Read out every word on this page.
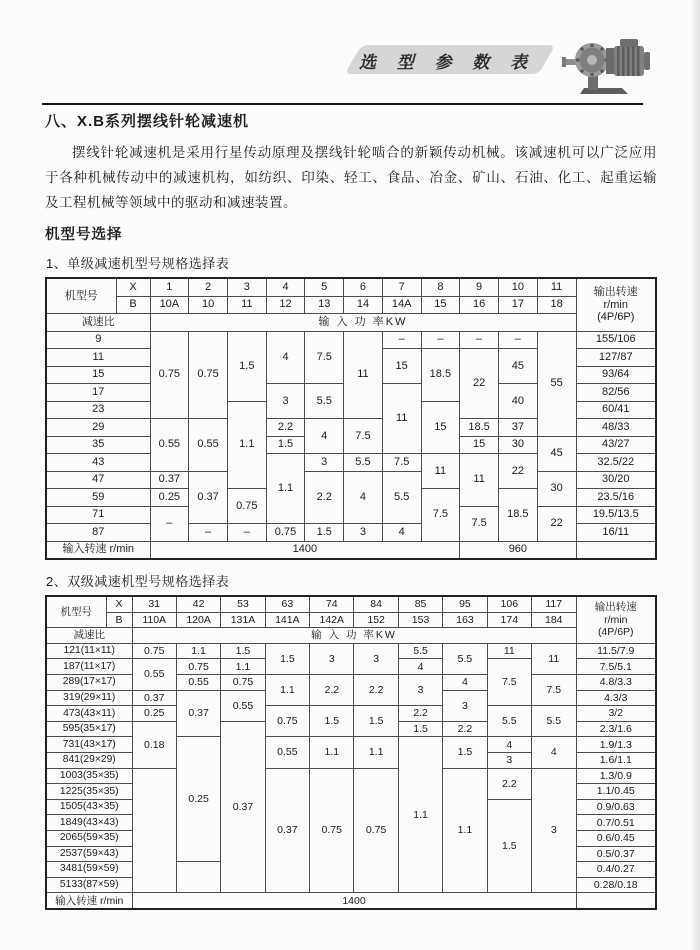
选 型 参 数 表
八、X.B系列摆线针轮减速机

摆线针轮减速机是采用行星传动原理及摆线针轮啮合的新颖传动机械。该减速机可以广泛应用于各种机械传动中的减速机构，如纺织、印染、轻工、食品、冶金、矿山、石油、化工、起重运输及工程机械等领域中的驱动和减速装置。

机型号选择
1、单级减速机型号规格选择表
机型号	X	1	2	3	4	5	6	7	8	9	10	11	输出转速
r/min
(4P/6P)

	B	10A	10	11	12	13	14	14A	15	16	17	18	
减速比		输 入 功 率KW											
9		0.75	0.75	1.5	4	7.5	11	–	–	–	–	55	155/106
11								15	18.5	22	45		127/87
15													93/64
17					3	5.5		11			40		82/56
23				1.1					15				60/41
29		0.55	0.55		2.2	4	7.5			18.5	37		48/33
35					1.5					15	30	45	43/27
43					1.1	3	5.5	7.5	11	11	22		32.5/22
47		0.37	0.37			2.2	4	5.5				30	30/20
59		0.25		0.75					7.5		18.5		23.5/16
71		–								7.5		22	19.5/13.5
87			–	–	0.75	1.5	3	4					16/11
输入转速 r/min		1400								960			
2、双级减速机型号规格选择表
机型号	X	31	42	53	63	74	84	85	95	106	117	输出转速
r/min
(4P/6P)

	B	110A	120A	131A	141A	142A	152	153	163	174	184	
减速比		输 入 功 率KW										
121(11×11)		0.75	1.1	1.5	1.5	3	3	5.5	5.5	11	11	11.5/7.9
187(11×17)		0.55	0.75	1.1				4		7.5		7.5/5.1
289(17×17)			0.55	0.75	1.1	2.2	2.2	3	4		7.5	4.8/3.3
319(29×11)		0.37	0.37	0.55					3			4.3/3
473(43×11)		0.25			0.75	1.5	1.5	2.2		5.5	5.5	3/2
595(35×17)		0.18		0.37				1.5	2.2			2.3/1.6
731(43×17)			0.25		0.55	1.1	1.1	1.1	1.5	4	4	1.9/1.3
841(29×29)										3		1.6/1.1
1003(35×35)					0.37	0.75	0.75		1.1	2.2	3	1.3/0.9
1225(35×35)												1.1/0.45
1505(43×35)										1.5		0.9/0.63
1849(43×43)												0.7/0.51
2065(59×35)												0.6/0.45
2537(59×43)												0.5/0.37
3481(59×59)												0.4/0.27
5133(87×59)												0.28/0.18
输入转速 r/min		1400										
